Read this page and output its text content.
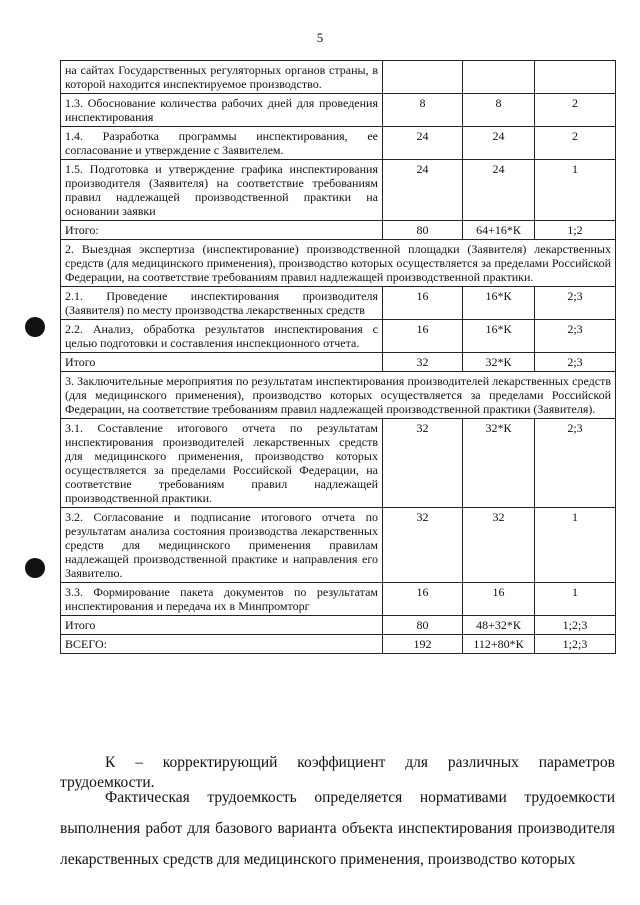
5
на сайтах Государственных регуляторных органов страны, в которой находится инспектируемое производство.			
1.3. Обоснование количества рабочих дней для проведения инспектирования	8	8	2
1.4. Разработка программы инспектирования, ее согласование и утверждение с Заявителем.	24	24	2
1.5. Подготовка и утверждение графика инспектирования производителя (Заявителя) на соответствие требованиям правил надлежащей производственной практики на основании заявки	24	24	1
Итого:	80	64+16*К	1;2
2. Выездная экспертиза (инспектирование) производственной площадки (Заявителя) лекарственных средств (для медицинского применения), производство которых осуществляется за пределами Российской Федерации, на соответствие требованиям правил надлежащей производственной практики.			
2.1. Проведение инспектирования производителя (Заявителя) по месту производства лекарственных средств	16	16*К	2;3
2.2. Анализ, обработка результатов инспектирования с целью подготовки и составления инспекционного отчета.	16	16*К	2;3
Итого	32	32*К	2;3
3. Заключительные мероприятия по результатам инспектирования производителей лекарственных средств (для медицинского применения), производство которых осуществляется за пределами Российской Федерации, на соответствие требованиям правил надлежащей производственной практики (Заявителя).			
3.1. Составление итогового отчета по результатам инспектирования производителей лекарственных средств для медицинского применения, производство которых осуществляется за пределами Российской Федерации, на соответствие требованиям правил надлежащей производственной практики.	32	32*К	2;3
3.2. Согласование и подписание итогового отчета по результатам анализа состояния производства лекарственных средств для медицинского применения правилам надлежащей производственной практике и направления его Заявителю.	32	32	1
3.3. Формирование пакета документов по результатам инспектирования и передача их в Минпромторг	16	16	1
Итого	80	48+32*К	1;2;3
ВСЕГО:	192	112+80*К	1;2;3
К – корректирующий коэффициент для различных параметров трудоемкости.
Фактическая трудоемкость определяется нормативами трудоемкости выполнения работ для базового варианта объекта инспектирования производителя лекарственных средств для медицинского применения, производство которых
